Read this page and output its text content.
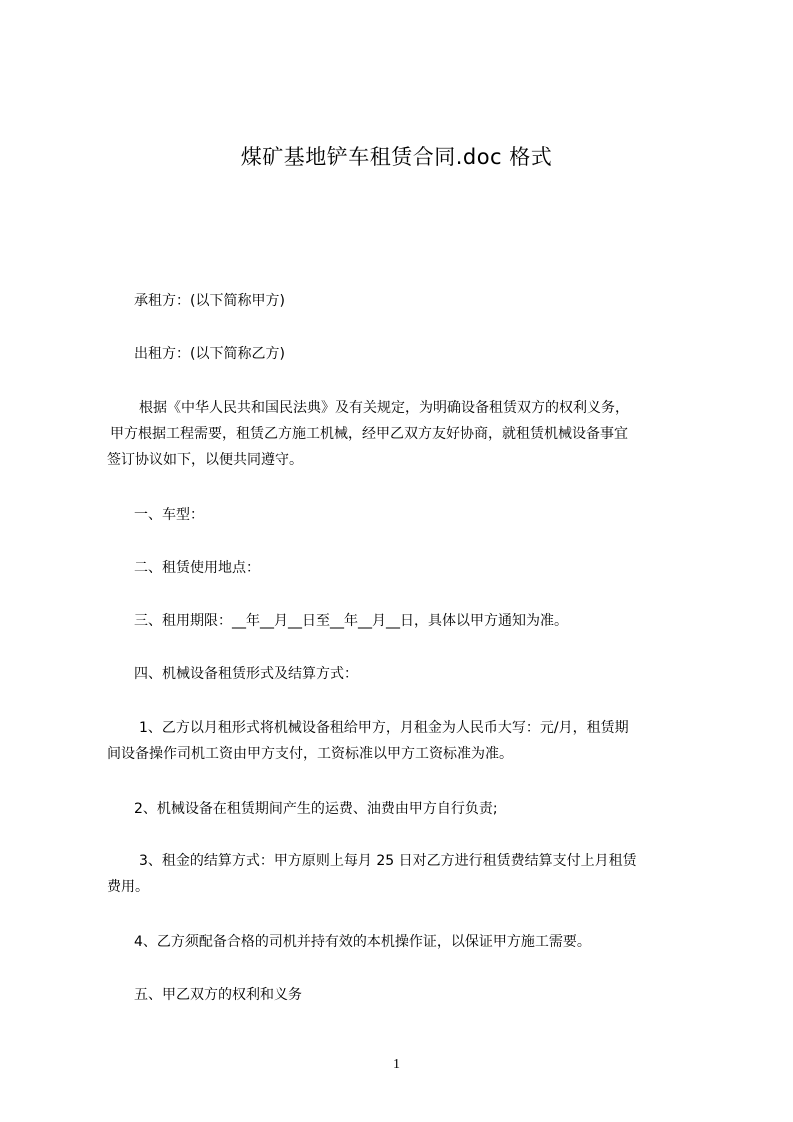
煤矿基地铲车租赁合同.doc 格式

承租方：(以下简称甲方)

出租方：(以下简称乙方)

根据《中华人民共和国民法典》及有关规定，为明确设备租赁双方的权利义务，
甲方根据工程需要，租赁乙方施工机械，经甲乙双方友好协商，就租赁机械设备事宜
签订协议如下，以便共同遵守。

一、车型：

二、租赁使用地点：

三、租用期限：__年__月__日至__年__月__日，具体以甲方通知为准。

四、机械设备租赁形式及结算方式：

1、乙方以月租形式将机械设备租给甲方，月租金为人民币大写：元/月，租赁期
间设备操作司机工资由甲方支付，工资标准以甲方工资标准为准。

2、机械设备在租赁期间产生的运费、油费由甲方自行负责;

3、租金的结算方式：甲方原则上每月 25 日对乙方进行租赁费结算支付上月租赁
费用。

4、乙方须配备合格的司机并持有效的本机操作证，以保证甲方施工需要。

五、甲乙双方的权利和义务

1
